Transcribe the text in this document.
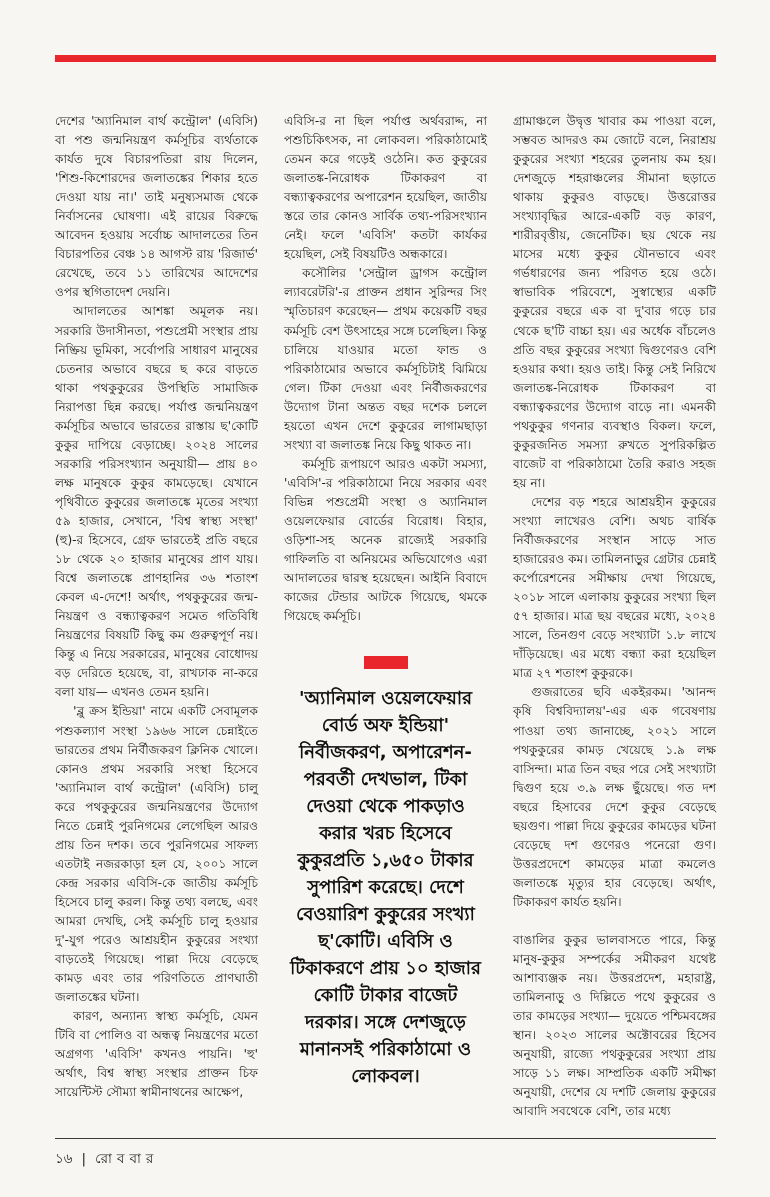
দেশের 'অ্যানিমাল বার্থ কন্ট্রোল' (এবিসি) বা পশু জন্মনিয়ন্ত্রণ কর্মসূচির ব্যর্থতাকে কার্যত দুষে বিচারপতিরা রায় দিলেন, 'শিশু-কিশোরদের জলাতঙ্কের শিকার হতে দেওয়া যায় না।' তাই মনুষ্যসমাজ থেকে নির্বাসনের ঘোষণা। এই রায়ের বিরুদ্ধে আবেদন হওয়ায় সর্বোচ্চ আদালতের তিন বিচারপতির বেঞ্চ ১৪ আগস্ট রায় 'রিজার্ভ' রেখেছে, তবে ১১ তারিখের আদেশের ওপর স্থগিতাদেশ দেয়নি।

আদালতের আশঙ্কা অমূলক নয়। সরকারি উদাসীনতা, পশুপ্রেমী সংস্থার প্রায় নিষ্ক্রিয় ভূমিকা, সর্বোপরি সাধারণ মানুষের চেতনার অভাবে বছরে ছ করে বাড়তে থাকা পথকুকুরের উপস্থিতি সামাজিক নিরাপত্তা ছিন্ন করছে। পর্যাপ্ত জন্মনিয়ন্ত্রণ কর্মসূচির অভাবে ভারতের রাস্তায় ছ'কোটি কুকুর দাপিয়ে বেড়াচ্ছে। ২০২৪ সালের সরকারি পরিসংখ্যান অনুযায়ী— প্রায় ৪০ লক্ষ মানুষকে কুকুর কামড়েছে। যেখানে পৃথিবীতে কুকুরের জলাতঙ্কে মৃতের সংখ্যা ৫৯ হাজার, সেখানে, 'বিশ্ব স্বাস্থ্য সংস্থা' (হু)-র হিসেবে, গ্রেফ ভারতেই প্রতি বছরে ১৮ থেকে ২০ হাজার মানুষের প্রাণ যায়। বিশ্বে জলাতঙ্কে প্রাণহানির ৩৬ শতাংশ কেবল এ-দেশে! অর্থাৎ, পথকুকুরের জন্ম-নিয়ন্ত্রণ ও বন্ধ্যাত্বকরণ সমেত গতিবিধি নিয়ন্ত্রণের বিষয়টি কিছু কম গুরুত্বপূর্ণ নয়। কিন্তু এ নিয়ে সরকারের, মানুষের বোধোদয় বড় দেরিতে হয়েছে, বা, রাখঢাক না-করে বলা যায়— এখনও তেমন হয়নি।

'ব্লু ক্রস ইন্ডিয়া' নামে একটি সেবামূলক পশুকল্যাণ সংস্থা ১৯৬৬ সালে চেন্নাইতে ভারতের প্রথম নির্বীজকরণ ক্লিনিক খোলে। কোনও প্রথম সরকারি সংস্থা হিসেবে 'অ্যানিমাল বার্থ কন্ট্রোল' (এবিসি) চালু করে পথকুকুরের জন্মনিয়ন্ত্রণের উদ্যোগ নিতে চেন্নাই পুরনিগমের লেগেছিল আরও প্রায় তিন দশক। তবে পুরনিগমের সাফল্য এতটাই নজরকাড়া হল যে, ২০০১ সালে কেন্দ্র সরকার এবিসি-কে জাতীয় কর্মসূচি হিসেবে চালু করল। কিন্তু তথ্য বলছে, এবং আমরা দেখছি, সেই কর্মসূচি চালু হওয়ার দু'-যুগ পরেও আশ্রয়হীন কুকুরের সংখ্যা বাড়তেই গিয়েছে। পাল্লা দিয়ে বেড়েছে কামড় এবং তার পরিণতিতে প্রাণঘাতী জলাতঙ্কের ঘটনা।

কারণ, অন্যান্য স্বাস্থ্য কর্মসূচি, যেমন টিবি বা পোলিও বা অন্ধত্ব নিয়ন্ত্রণের মতো অগ্রগণ্য 'এবিসি' কখনও পায়নি। 'হু' অর্থাৎ, বিশ্ব স্বাস্থ্য সংস্থার প্রাক্তন চিফ সায়েন্টিস্ট সৌম্যা স্বামীনাথনের আক্ষেপ,

এবিসি-র না ছিল পর্যাপ্ত অর্থবরাদ্দ, না পশুচিকিৎসক, না লোকবল। পরিকাঠামোই তেমন করে গড়েই ওঠেনি। কত কুকুরের জলাতঙ্ক-নিরোধক টিকাকরণ বা বন্ধ্যাত্বকরণের অপারেশন হয়েছিল, জাতীয় স্তরে তার কোনও সার্বিক তথ্য-পরিসংখ্যান নেই। ফলে 'এবিসি' কতটা কার্যকর হয়েছিল, সেই বিষয়টিও অন্ধকারে।

কসৌলির 'সেন্ট্রাল ড্রাগস কন্ট্রোল ল্যাবরেটরি'-র প্রাক্তন প্রধান সুরিন্দর সিং স্মৃতিচারণ করেছেন— প্রথম কয়েকটি বছর কর্মসূচি বেশ উৎসাহের সঙ্গে চলেছিল। কিন্তু চালিয়ে যাওয়ার মতো ফান্ড ও পরিকাঠামোর অভাবে কর্মসূচিটাই ঝিমিয়ে গেল। টিকা দেওয়া এবং নির্বীজকরণের উদ্যোগ টানা অন্তত বছর দশেক চললে হয়তো এখন দেশে কুকুরের লাগামছাড়া সংখ্যা বা জলাতঙ্ক নিয়ে কিছু থাকত না।

কর্মসূচি রূপায়ণে আরও একটা সমস্যা, 'এবিসি'-র পরিকাঠামো নিয়ে সরকার এবং বিভিন্ন পশুপ্রেমী সংস্থা ও অ্যানিমাল ওয়েলফেয়ার বোর্ডের বিরোধ। বিহার, ওড়িশা-সহ অনেক রাজ্যেই সরকারি গাফিলতি বা অনিয়মের অভিযোগেও এরা আদালতের দ্বারস্থ হয়েছেন। আইনি বিবাদে কাজের টেন্ডার আটকে গিয়েছে, থমকে গিয়েছে কর্মসূচি।

'অ্যানিমাল ওয়েলফেয়ার বোর্ড অফ ইন্ডিয়া' নির্বীজকরণ, অপারেশন-পরবর্তী দেখভাল, টিকা দেওয়া থেকে পাকড়াও করার খরচ হিসেবে কুকুরপ্রতি ১,৬৫০ টাকার সুপারিশ করেছে। দেশে বেওয়ারিশ কুকুরের সংখ্যা ছ'কোটি। এবিসি ও টিকাকরণে প্রায় ১০ হাজার কোটি টাকার বাজেট দরকার। সঙ্গে দেশজুড়ে মানানসই পরিকাঠামো ও লোকবল।

গ্রামাঞ্চলে উদ্বৃত্ত খাবার কম পাওয়া বলে, সম্ভবত আদরও কম জোটে বলে, নিরাশ্রয় কুকুরের সংখ্যা শহরের তুলনায় কম হয়। দেশজুড়ে শহরাঞ্চলের সীমানা ছড়াতে থাকায় কুকুরও বাড়ছে। উত্তরোত্তর সংখ্যাবৃদ্ধির আরে-একটি বড় কারণ, শারীরবৃত্তীয়, জেনেটিক। ছয় থেকে নয় মাসের মধ্যে কুকুর যৌনভাবে এবং গর্ভধারণের জন্য পরিণত হয়ে ওঠে। স্বাভাবিক পরিবেশে, সুস্বাস্থ্যের একটি কুকুরের বছরে এক বা দু'বার গড়ে চার থেকে ছ'টি বাচ্চা হয়। এর অর্ধেক বাঁচলেও প্রতি বছর কুকুরের সংখ্যা দ্বিগুণেরও বেশি হওয়ার কথা। হয়ও তাই। কিন্তু সেই নিরিখে জলাতঙ্ক-নিরোধক টিকাকরণ বা বন্ধ্যাত্বকরণের উদ্যোগ বাড়ে না। এমনকী পথকুকুর গণনার ব্যবস্থাও বিকল। ফলে, কুকুরজনিত সমস্যা রুখতে সুপরিকল্পিত বাজেট বা পরিকাঠামো তৈরি করাও সহজ হয় না।

দেশের বড় শহরে আশ্রয়হীন কুকুরের সংখ্যা লাখেরও বেশি। অথচ বার্ষিক নির্বীজকরণের সংস্থান সাড়ে সাত হাজারেরও কম। তামিলনাড়ুর গ্রেটার চেন্নাই কর্পোরেশনের সমীক্ষায় দেখা গিয়েছে, ২০১৮ সালে এলাকায় কুকুরের সংখ্যা ছিল ৫৭ হাজার। মাত্র ছয় বছরের মধ্যে, ২০২৪ সালে, তিনগুণ বেড়ে সংখ্যাটা ১.৮ লাখে দাঁড়িয়েছে। এর মধ্যে বন্ধ্যা করা হয়েছিল মাত্র ২৭ শতাংশ কুকুরকে।

গুজরাতের ছবি একইরকম। 'আনন্দ কৃষি বিশ্ববিদ্যালয়'-এর এক গবেষণায় পাওয়া তথ্য জানাচ্ছে, ২০২১ সালে পথকুকুরের কামড় খেয়েছে ১.৯ লক্ষ বাসিন্দা। মাত্র তিন বছর পরে সেই সংখ্যাটা দ্বিগুণ হয়ে ৩.৯ লক্ষ ছুঁয়েছে। গত দশ বছরে হিসাবের দেশে কুকুর বেড়েছে ছয়গুণ। পাল্লা দিয়ে কুকুরের কামড়ের ঘটনা বেড়েছে দশ গুণেরও পনেরো গুণ। উত্তরপ্রদেশে কামড়ের মাত্রা কমলেও জলাতঙ্কে মৃত্যুর হার বেড়েছে। অর্থাৎ, টিকাকরণ কার্যত হয়নি।

বাঙালির কুকুর ভালবাসতে পারে, কিন্তু মানুষ-কুকুর সম্পর্কের সমীকরণ যথেষ্ট আশাব্যঞ্জক নয়। উত্তরপ্রদেশ, মহারাষ্ট্র, তামিলনাড়ু ও দিল্লিতে পথে কুকুরের ও তার কামড়ের সংখ্যা— দুয়েতে পশ্চিমবঙ্গের স্থান। ২০২৩ সালের অক্টোবরের হিসেব অনুযায়ী, রাজ্যে পথকুকুরের সংখ্যা প্রায় সাড়ে ১১ লক্ষ। সাম্প্রতিক একটি সমীক্ষা অনুযায়ী, দেশের যে দশটি জেলায় কুকুরের আবাদি সবথেকে বেশি, তার মধ্যে

১৬ | রোববার
